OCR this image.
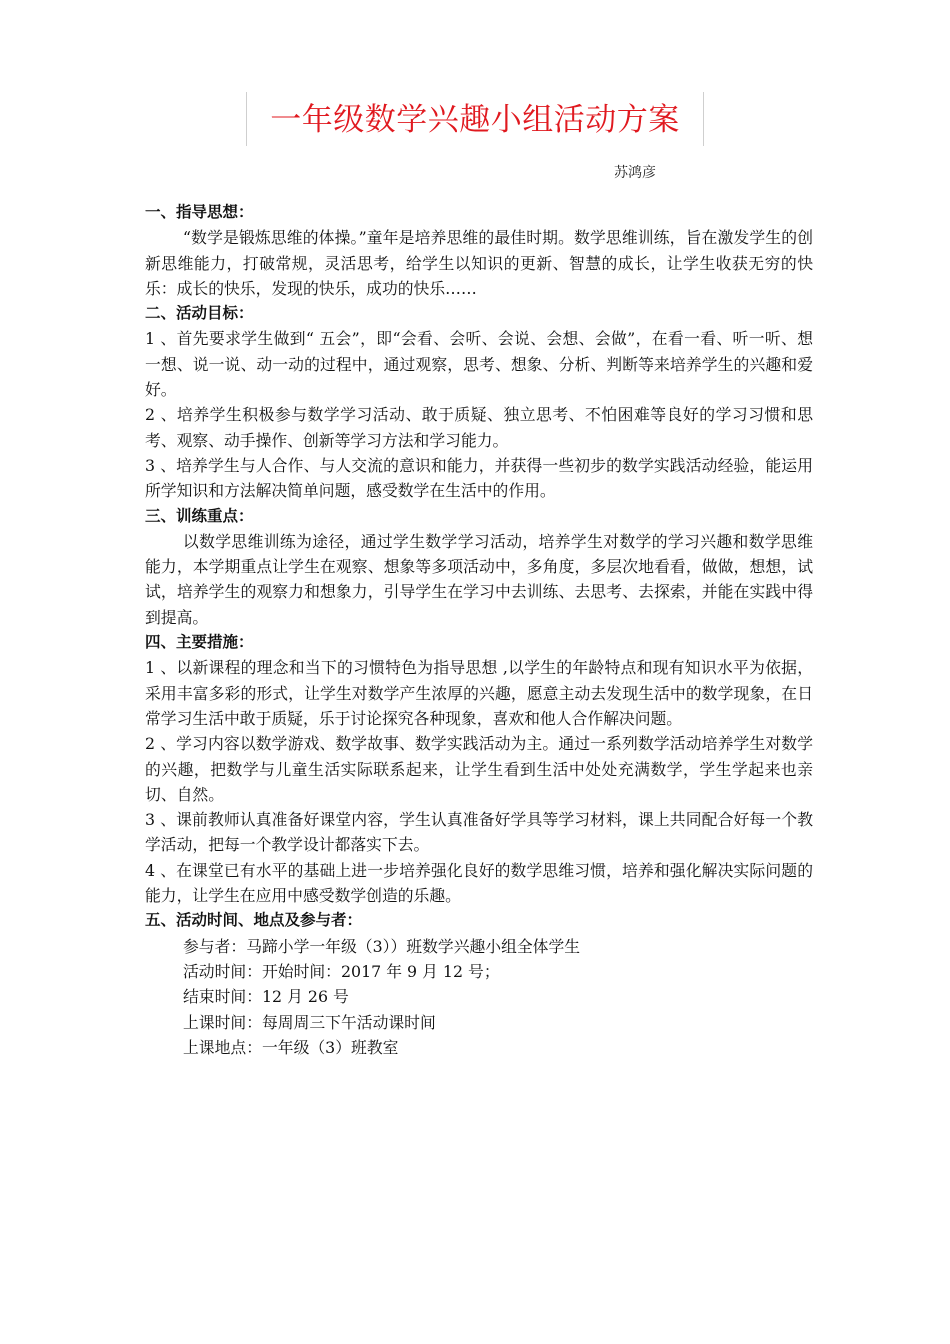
一年级数学兴趣小组活动方案
苏鸿彦
一、指导思想：
“数学是锻炼思维的体操。”童年是培养思维的最佳时期。数学思维训练，旨在激发学生的创新思维能力，打破常规，灵活思考，给学生以知识的更新、智慧的成长，让学生收获无穷的快乐：成长的快乐，发现的快乐，成功的快乐……
二、活动目标：
1 、首先要求学生做到“ 五会”，即“会看、会听、会说、会想、会做”，在看一看、听一听、想一想、说一说、动一动的过程中，通过观察，思考、想象、分析、判断等来培养学生的兴趣和爱好。
2 、培养学生积极参与数学学习活动、敢于质疑、独立思考、不怕困难等良好的学习习惯和思考、观察、动手操作、创新等学习方法和学习能力。
3 、培养学生与人合作、与人交流的意识和能力，并获得一些初步的数学实践活动经验，能运用所学知识和方法解决简单问题，感受数学在生活中的作用。
三、训练重点：
以数学思维训练为途径，通过学生数学学习活动，培养学生对数学的学习兴趣和数学思维能力，本学期重点让学生在观察、想象等多项活动中，多角度，多层次地看看，做做，想想，试试，培养学生的观察力和想象力，引导学生在学习中去训练、去思考、去探索，并能在实践中得到提高。
四、主要措施：
1 、以新课程的理念和当下的习惯特色为指导思想 ,以学生的年龄特点和现有知识水平为依据，采用丰富多彩的形式，让学生对数学产生浓厚的兴趣，愿意主动去发现生活中的数学现象，在日常学习生活中敢于质疑，乐于讨论探究各种现象，喜欢和他人合作解决问题。
2 、学习内容以数学游戏、数学故事、数学实践活动为主。通过一系列数学活动培养学生对数学的兴趣，把数学与儿童生活实际联系起来，让学生看到生活中处处充满数学，学生学起来也亲切、自然。
3 、课前教师认真准备好课堂内容，学生认真准备好学具等学习材料，课上共同配合好每一个教学活动，把每一个教学设计都落实下去。
4 、在课堂已有水平的基础上进一步培养强化良好的数学思维习惯，培养和强化解决实际问题的能力，让学生在应用中感受数学创造的乐趣。
五、活动时间、地点及参与者：
参与者：马蹄小学一年级（3））班数学兴趣小组全体学生
活动时间：开始时间：2017 年 9 月 12 号；
结束时间：12 月 26 号
上课时间：每周周三下午活动课时间
上课地点：一年级（3）班教室
